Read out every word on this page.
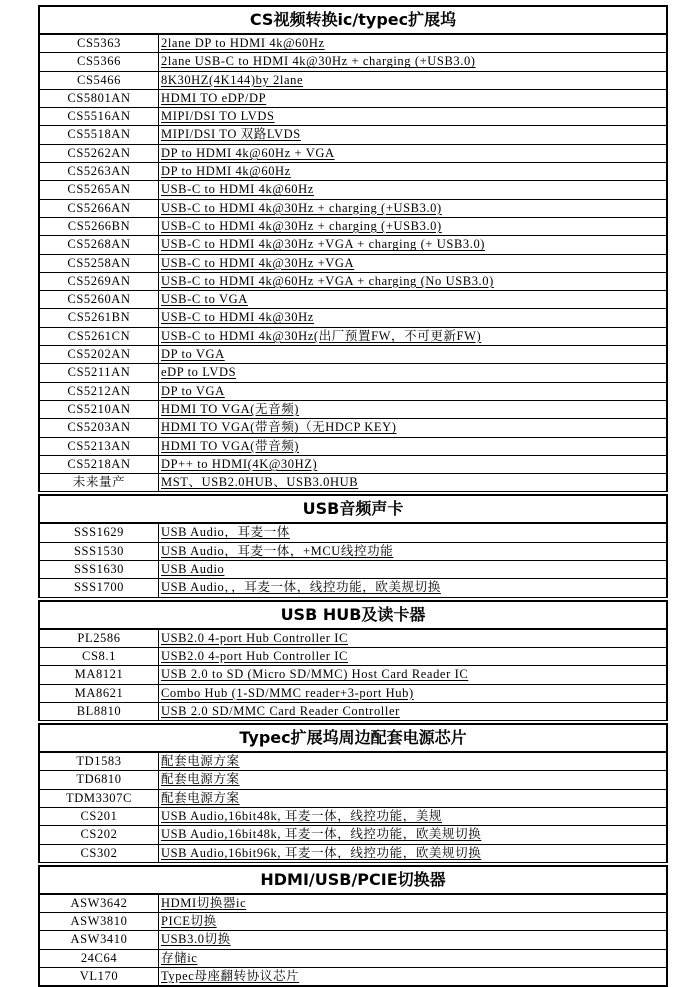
CS视频转换ic/typec扩展坞
CS5363	2lane DP to HDMI 4k@60Hz
CS5366	2lane USB-C to HDMI 4k@30Hz + charging (+USB3.0)
CS5466	8K30HZ(4K144)by 2lane
CS5801AN	HDMI TO eDP/DP
CS5516AN	MIPI/DSI TO LVDS
CS5518AN	MIPI/DSI TO 双路LVDS
CS5262AN	DP to HDMI 4k@60Hz + VGA
CS5263AN	DP to HDMI 4k@60Hz
CS5265AN	USB-C to HDMI 4k@60Hz
CS5266AN	USB-C to HDMI 4k@30Hz + charging (+USB3.0)
CS5266BN	USB-C to HDMI 4k@30Hz + charging (+USB3.0)
CS5268AN	USB-C to HDMI 4k@30Hz +VGA + charging (+ USB3.0)
CS5258AN	USB-C to HDMI 4k@30Hz +VGA
CS5269AN	USB-C to HDMI 4k@60Hz +VGA + charging (No USB3.0)
CS5260AN	USB-C to VGA
CS5261BN	USB-C to HDMI 4k@30Hz
CS5261CN	USB-C to HDMI 4k@30Hz(出厂预置FW，不可更新FW)
CS5202AN	DP to VGA
CS5211AN	eDP to LVDS
CS5212AN	DP to VGA
CS5210AN	HDMI TO VGA(无音频)
CS5203AN	HDMI TO VGA(带音频)（无HDCP KEY)
CS5213AN	HDMI TO VGA(带音频)
CS5218AN	DP++ to HDMI(4K@30HZ)
未来量产	MST、USB2.0HUB、USB3.0HUB
USB音频声卡
SSS1629	USB Audio，耳麦一体
SSS1530	USB Audio，耳麦一体，+MCU线控功能
SSS1630	USB Audio
SSS1700	USB Audio，，耳麦一体，线控功能，欧美规切换
USB HUB及读卡器
PL2586	USB2.0 4-port Hub Controller IC
CS8.1	USB2.0 4-port Hub Controller IC
MA8121	USB 2.0 to SD (Micro SD/MMC) Host Card Reader IC
MA8621	Combo Hub (1-SD/MMC reader+3-port Hub)
BL8810	USB 2.0 SD/MMC Card Reader Controller
Typec扩展坞周边配套电源芯片
TD1583	配套电源方案
TD6810	配套电源方案
TDM3307C	配套电源方案
CS201	USB Audio,16bit48k, 耳麦一体，线控功能，美规
CS202	USB Audio,16bit48k, 耳麦一体，线控功能，欧美规切换
CS302	USB Audio,16bit96k, 耳麦一体，线控功能，欧美规切换
HDMI/USB/PCIE切换器
ASW3642	HDMI切换器ic
ASW3810	PICE切换
ASW3410	USB3.0切换
24C64	存储ic
VL170	Typec母座翻转协议芯片
